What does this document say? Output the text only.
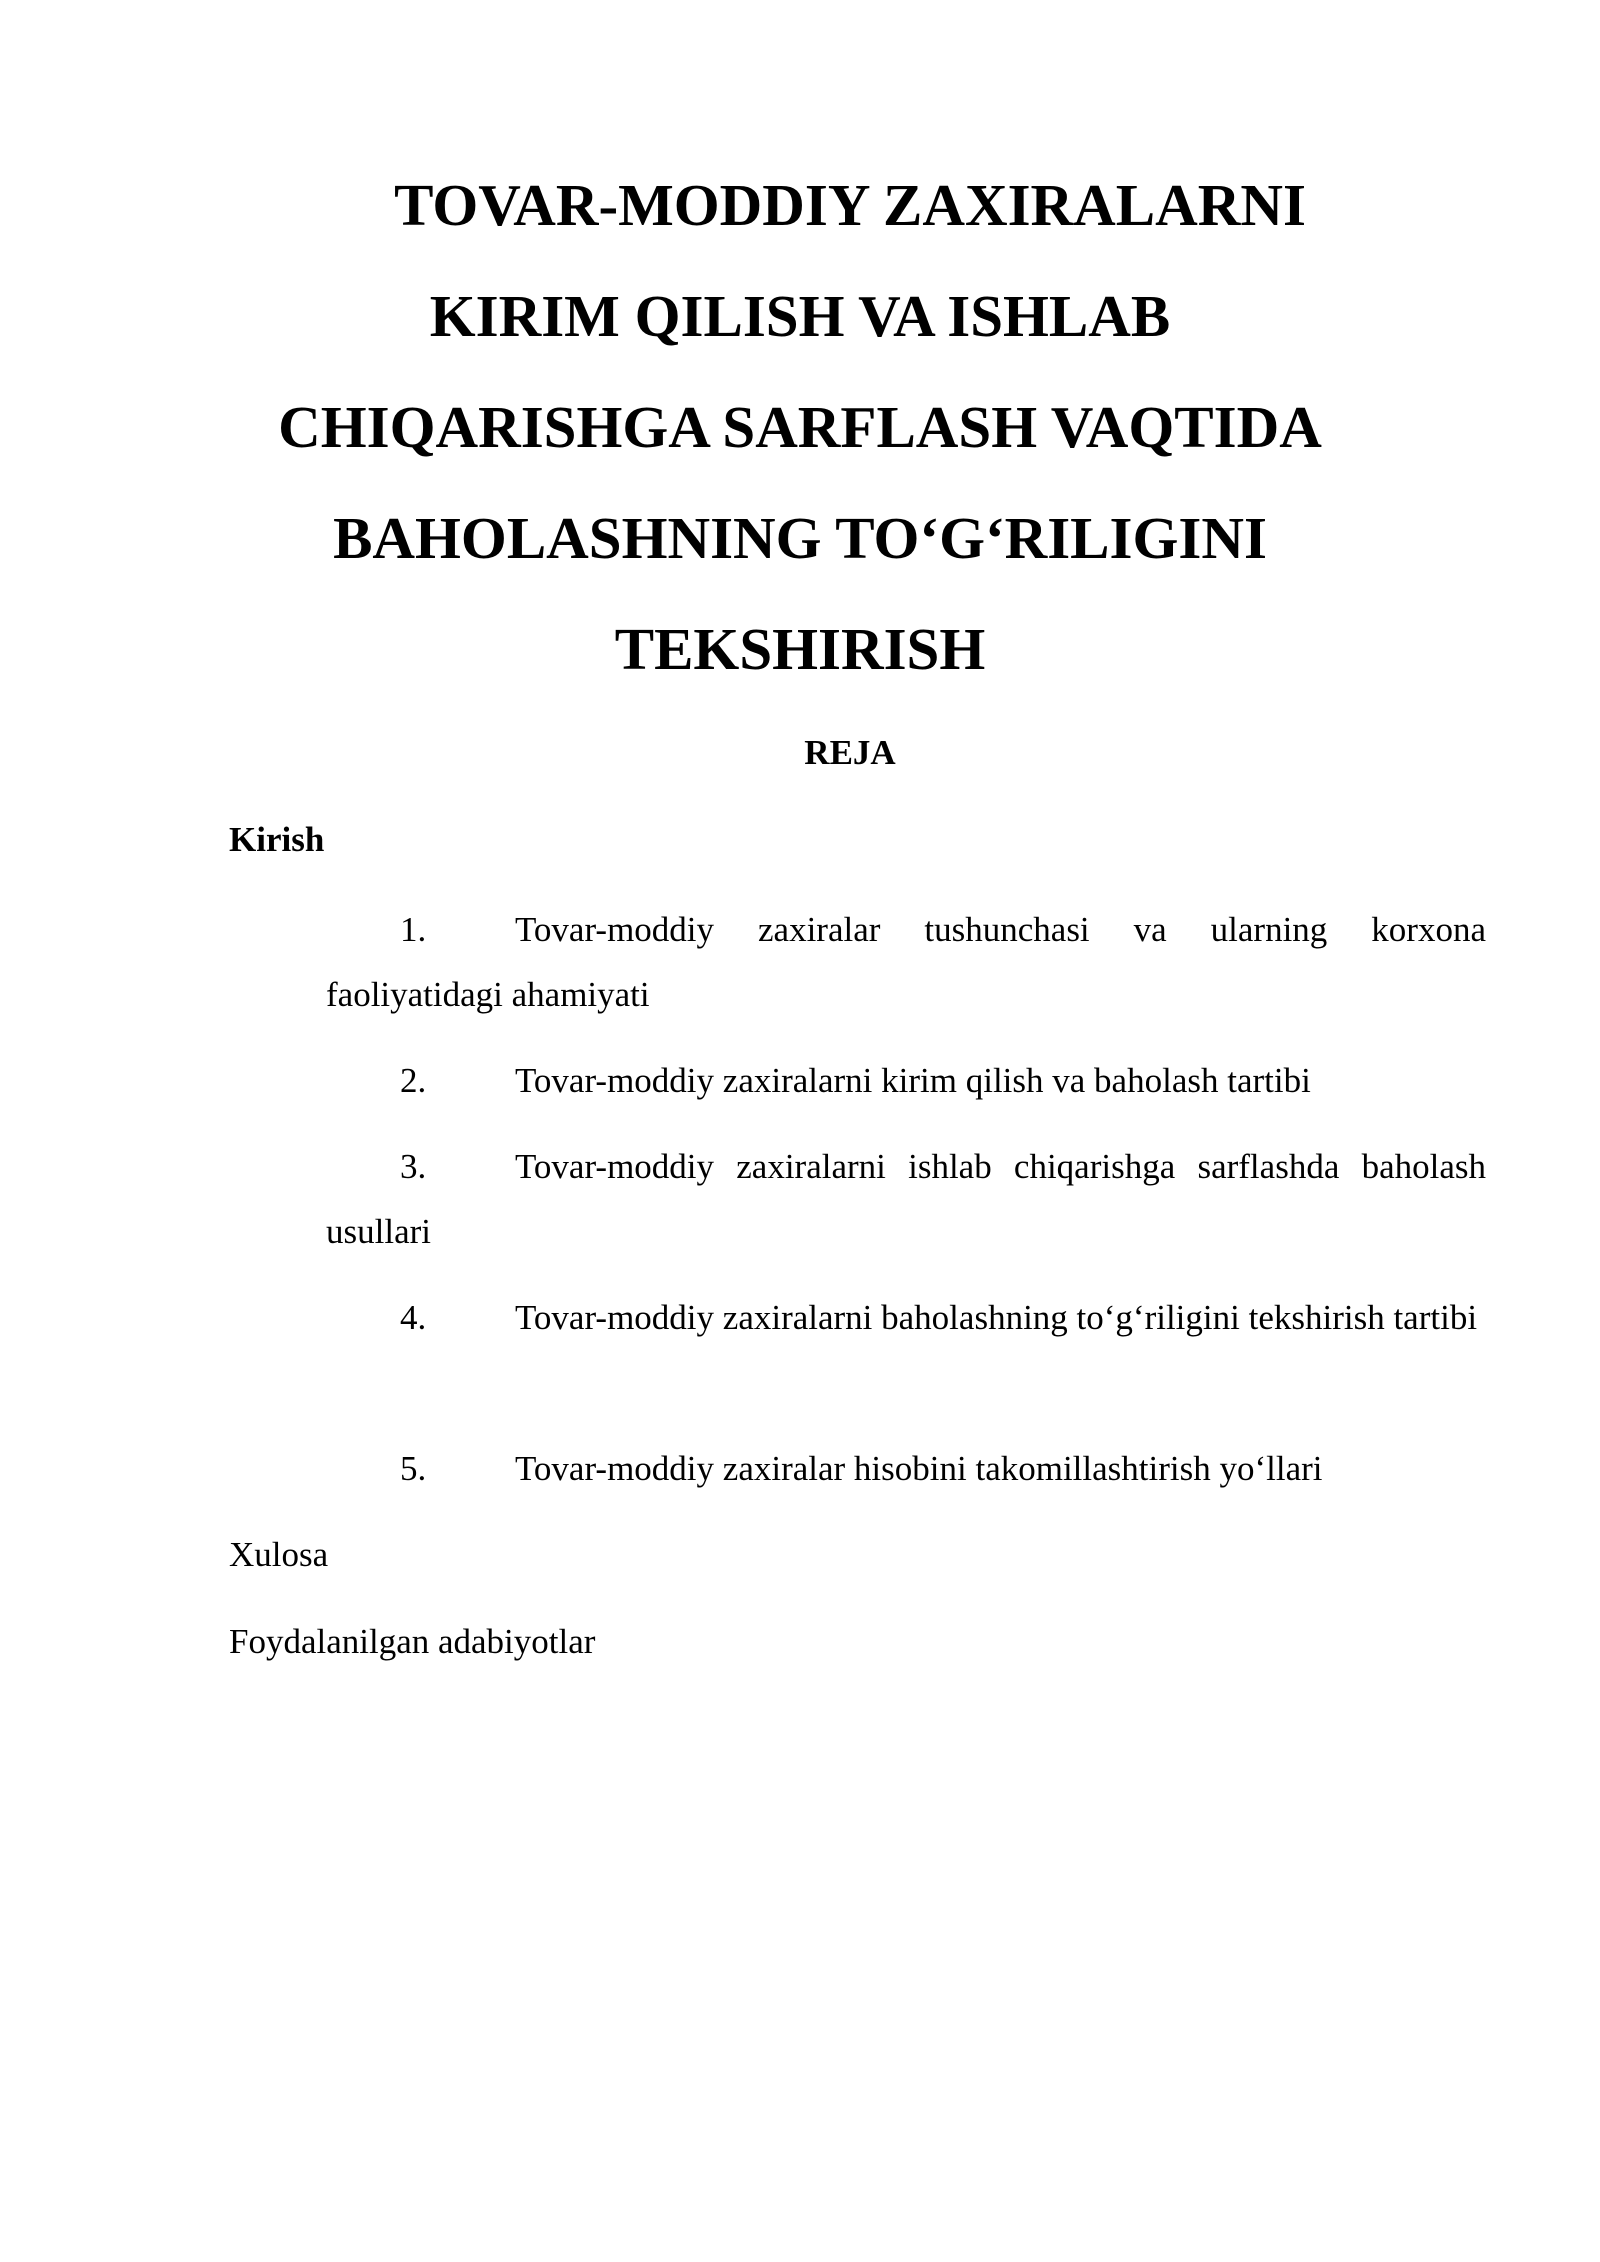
TOVAR-MODDIY ZAXIRALARNI
KIRIM QILISH VA ISHLAB
CHIQARISHGA SARFLASH VAQTIDA
BAHOLASHNING TO‘G‘RILIGINI
TEKSHIRISH

REJA

Kirish

1.	Tovar-moddiy zaxiralar tushunchasi va ularning korxona faoliyatidagi ahamiyati

2.	Tovar-moddiy zaxiralarni kirim qilish va baholash tartibi

3.	Tovar-moddiy zaxiralarni ishlab chiqarishga sarflashda baholash usullari

4.	Tovar-moddiy zaxiralarni baholashning to‘g‘riligini tekshirish tartibi

5.	Tovar-moddiy zaxiralar hisobini takomillashtirish yo‘llari

Xulosa

Foydalanilgan adabiyotlar
